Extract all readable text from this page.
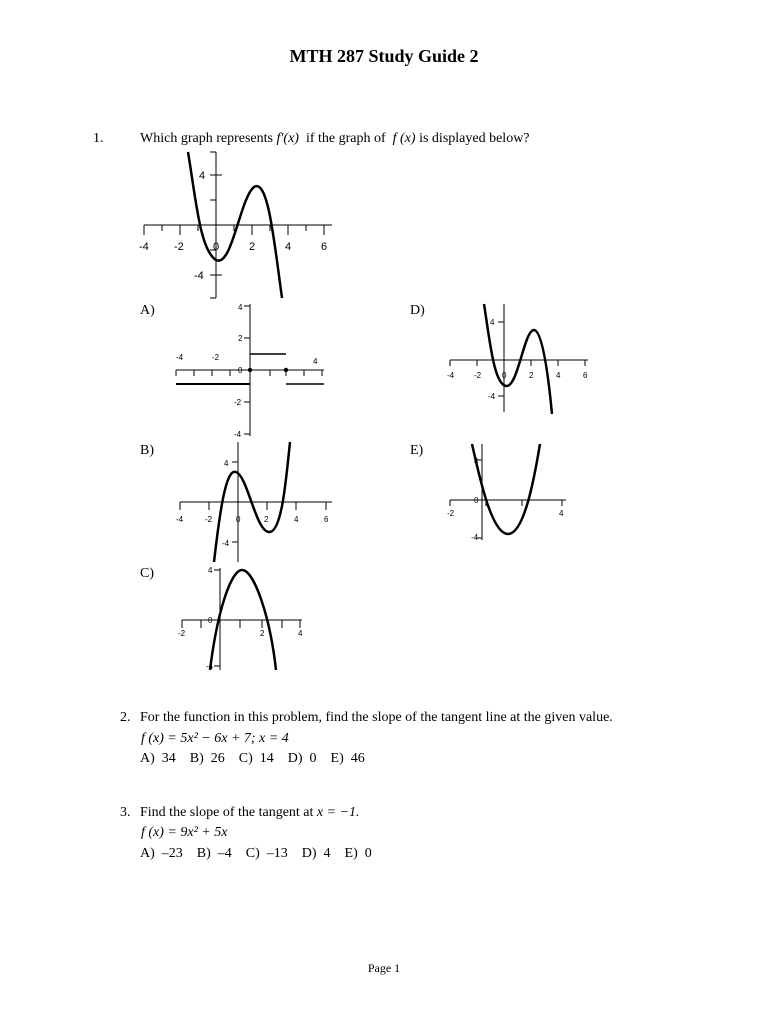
MTH 287 Study Guide 2
1.	Which graph represents f′(x)  if the graph of  f (x) is displayed below?
-4 -2	0	2	4	6
4
-4
A)
-4	-2	4
4
2
0
-2
-4
B)
-4	-2	0	2	4	6
4
-4
C)
-2	2	4
4
0
-4
D)
-4 -2	0	2	4	6
4
-4
E)
-2
0
4
4
-4
2. For the function in this problem, find the slope of the tangent line at the given value.
f (x) = 5x² − 6x + 7; x = 4
A)  34    B)  26    C)  14    D)  0    E)  46
3. Find the slope of the tangent at x = −1.
f (x) = 9x² + 5x
A)  –23    B)  –4    C)  –13    D)  4    E)  0
Page 1
